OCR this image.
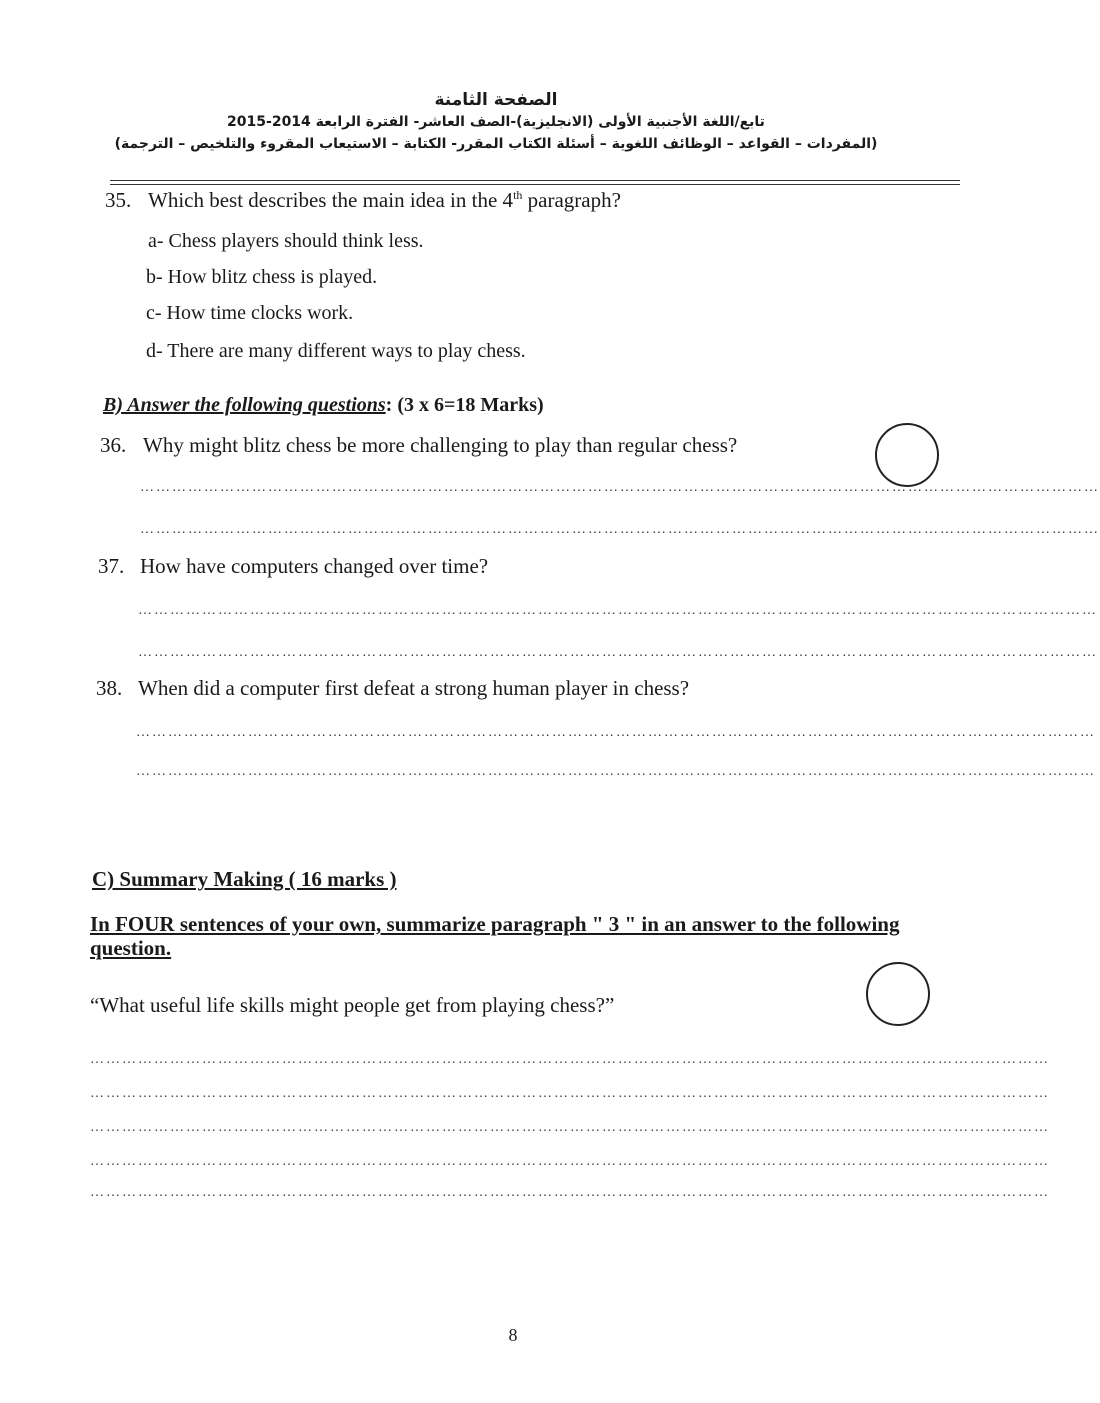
الصفحة الثامنة
تابع/اللغة الأجنبية الأولى (الانجليزية)-الصف العاشر- الفترة الرابعة 2014-2015
(المفردات – القواعد – الوظائف اللغوية – أسئلة الكتاب المقرر- الكتابة – الاستيعاب المقروء والتلخيص – الترجمة)
35. Which best describes the main idea in the 4th paragraph?
a- Chess players should think less.
b- How blitz chess is played.
c- How time clocks work.
d- There are many different ways to play chess.
B) Answer the following questions: (3 x 6=18 Marks)
36. Why might blitz chess be more challenging to play than regular chess?
………………………………………………………………………………………………………………………………………………………………
………………………………………………………………………………………………………………………………………………………………
37. How have computers changed over time?
………………………………………………………………………………………………………………………………………………………………
………………………………………………………………………………………………………………………………………………………………
38. When did a computer first defeat a strong human player in chess?
………………………………………………………………………………………………………………………………………………………………
………………………………………………………………………………………………………………………………………………………………
C) Summary Making ( 16 marks )
In FOUR sentences of your own, summarize paragraph " 3 " in an answer to the following question.
“What useful life skills might people get from playing chess?”
………………………………………………………………………………………………………………………………………………………………
………………………………………………………………………………………………………………………………………………………………
………………………………………………………………………………………………………………………………………………………………
………………………………………………………………………………………………………………………………………………………………
………………………………………………………………………………………………………………………………………………………………
8
